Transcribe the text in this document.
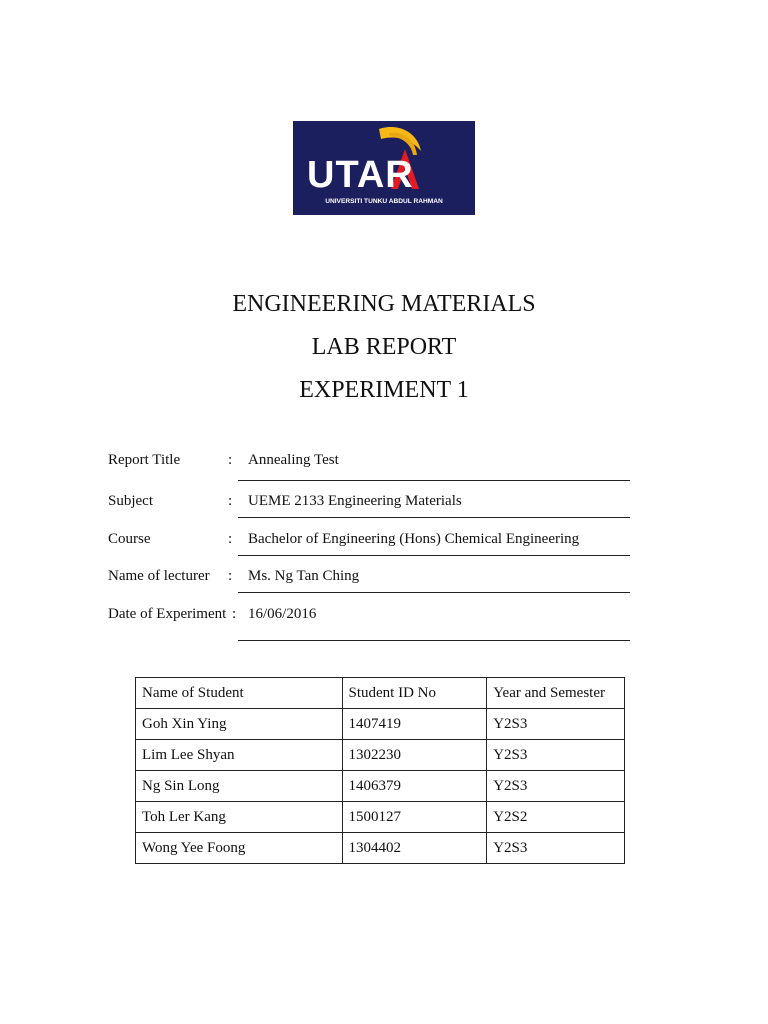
UTAR
UNIVERSITI TUNKU ABDUL RAHMAN
ENGINEERING MATERIALS
LAB REPORT
EXPERIMENT 1
Report Title	: Annealing Test
Subject	: UEME 2133 Engineering Materials
Course	: Bachelor of Engineering (Hons) Chemical Engineering
Name of lecturer : Ms. Ng Tan Ching
Date of Experiment : 16/06/2016
Name of Student	Student ID No	Year and Semester
Goh Xin Ying	1407419	Y2S3
Lim Lee Shyan	1302230	Y2S3
Ng Sin Long	1406379	Y2S3
Toh Ler Kang	1500127	Y2S2
Wong Yee Foong	1304402	Y2S3
